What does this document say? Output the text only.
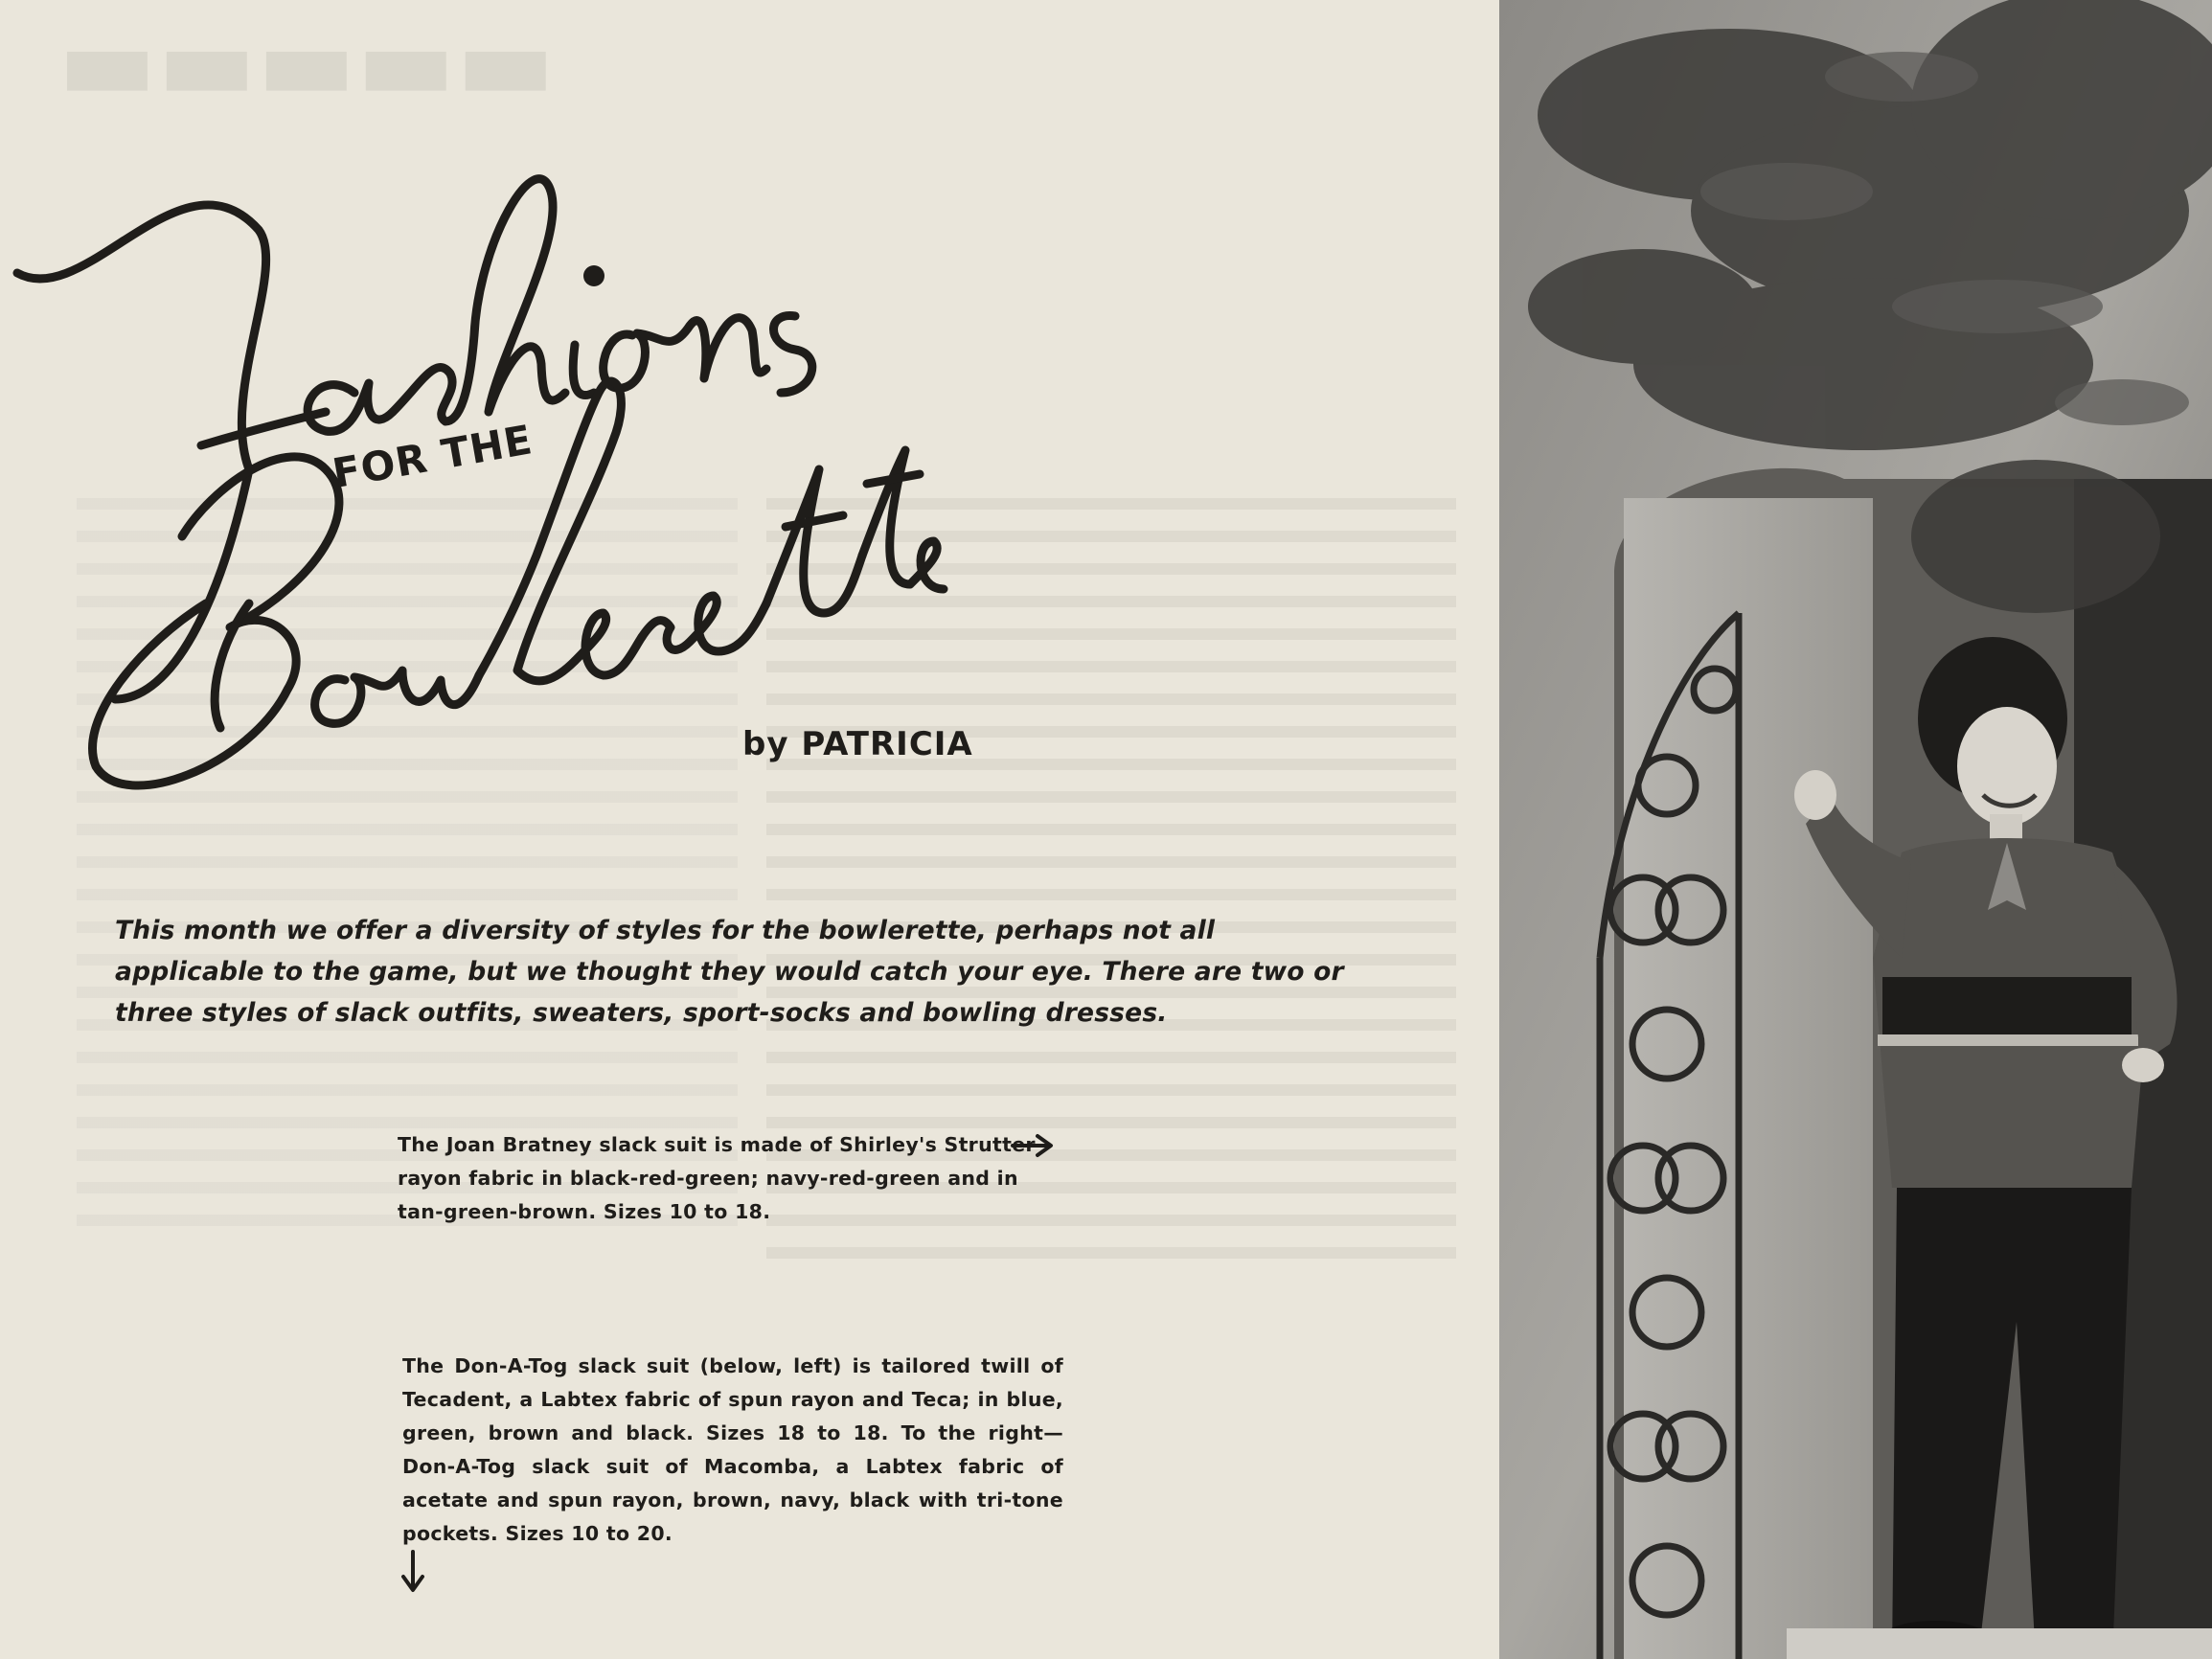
▬▬▬▬▬
FOR THE
by PATRICIA
This month we offer a diversity of styles for the bowlerette, perhaps not all applicable to the game, but we thought they would catch your eye. There are two or three styles of slack outfits, sweaters, sport-socks and bowling dresses.
The Joan Bratney slack suit is made of Shirley's Strutter rayon fabric in black-red-green; navy-red-green and in tan-green-brown. Sizes 10 to 18.
The Don-A-Tog slack suit (below, left) is tailored twill of Tecadent, a Labtex fabric of spun rayon and Teca; in blue, green, brown and black. Sizes 18 to 18. To the right—Don-A-Tog slack suit of Macomba, a Labtex fabric of acetate and spun rayon, brown, navy, black with tri-tone pockets. Sizes 10 to 20.
